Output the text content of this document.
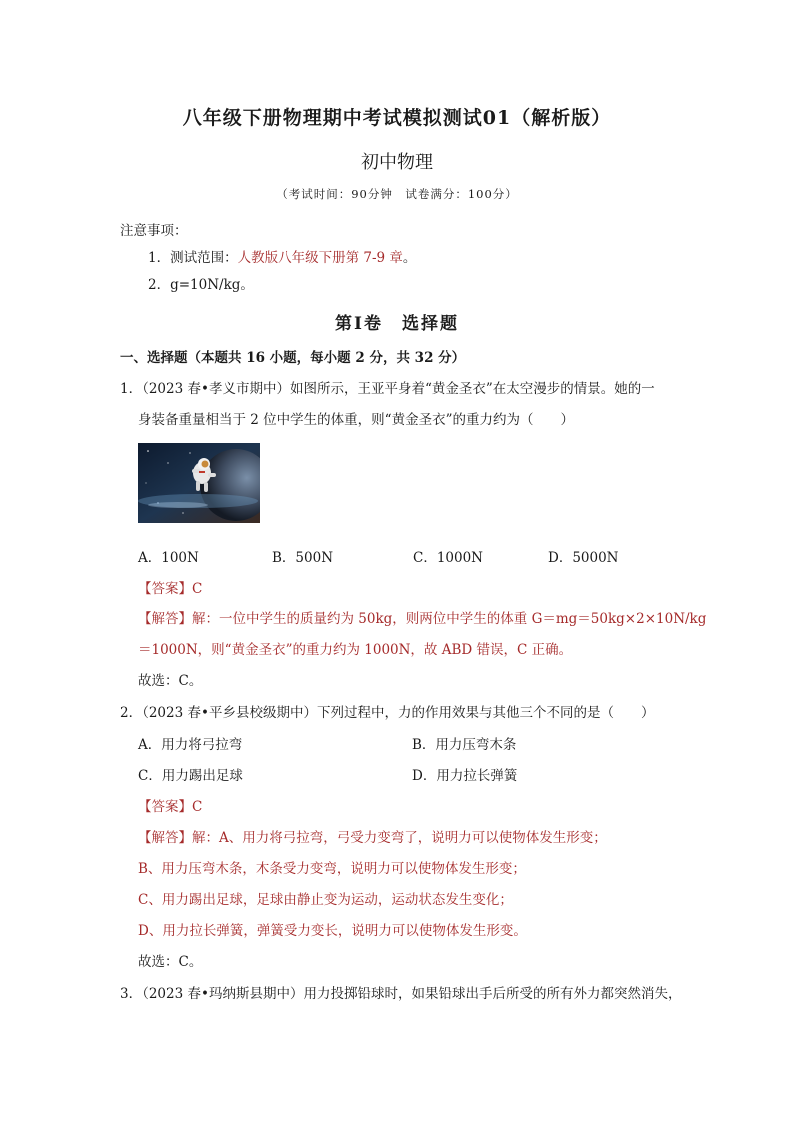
八年级下册物理期中考试模拟测试01（解析版）
初中物理
（考试时间：90分钟　试卷满分：100分）
注意事项：
1．测试范围：人教版八年级下册第 7-9 章。
2．g=10N/kg。
第Ⅰ卷　选择题
一、选择题（本题共 16 小题，每小题 2 分，共 32 分）
1．（2023 春•孝义市期中）如图所示，王亚平身着“黄金圣衣”在太空漫步的情景。她的一
身装备重量相当于 2 位中学生的体重，则“黄金圣衣”的重力约为（　　）
A．100N	B．500N	C．1000N	D．5000N
【答案】C
【解答】解：一位中学生的质量约为 50kg，则两位中学生的体重 G＝mg＝50kg×2×10N/kg
＝1000N，则“黄金圣衣”的重力约为 1000N，故 ABD 错误，C 正确。
故选：C。
2．（2023 春•平乡县校级期中）下列过程中，力的作用效果与其他三个不同的是（　　）
A．用力将弓拉弯	B．用力压弯木条
C．用力踢出足球	D．用力拉长弹簧
【答案】C
【解答】解：A、用力将弓拉弯，弓受力变弯了，说明力可以使物体发生形变；
B、用力压弯木条，木条受力变弯，说明力可以使物体发生形变；
C、用力踢出足球，足球由静止变为运动，运动状态发生变化；
D、用力拉长弹簧，弹簧受力变长，说明力可以使物体发生形变。
故选：C。
3．（2023 春•玛纳斯县期中）用力投掷铅球时，如果铅球出手后所受的所有外力都突然消失，
